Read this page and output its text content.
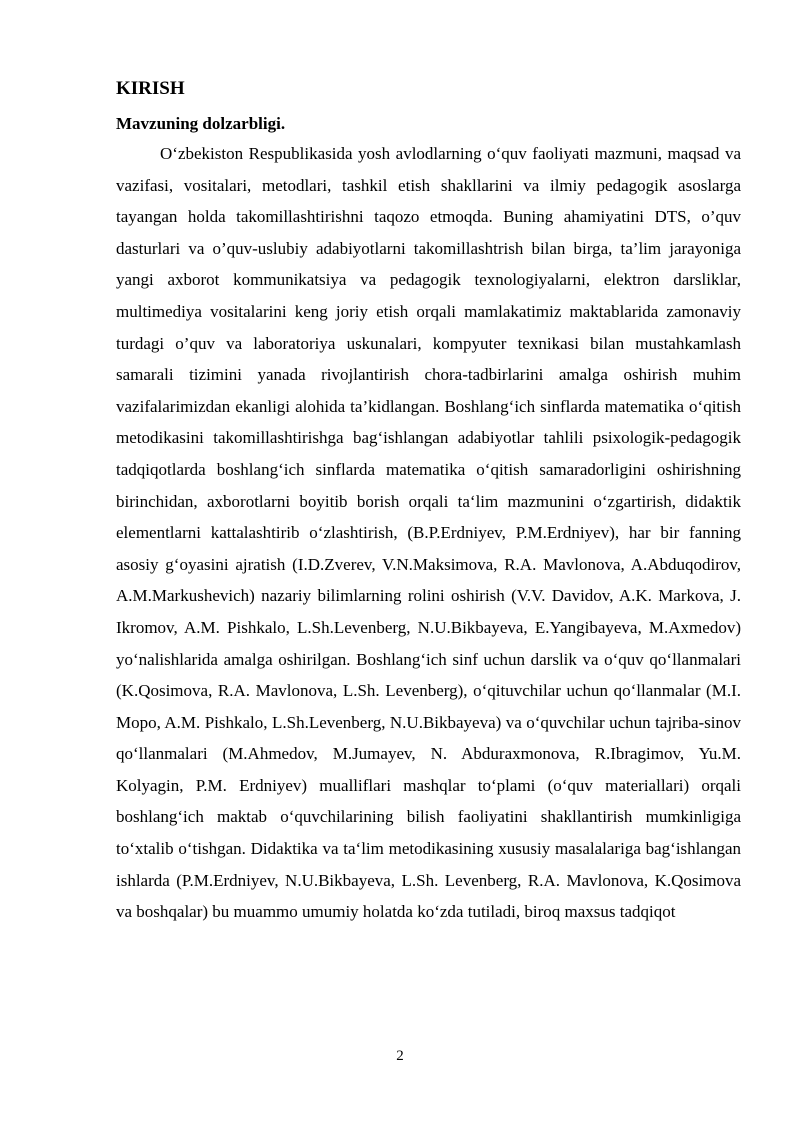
KIRISH
Mavzuning dolzarbligi.

O‘zbekiston Respublikasida yosh avlodlarning o‘quv faoliyati mazmuni, maqsad va vazifasi, vositalari, metodlari, tashkil etish shakllarini va ilmiy pedagogik asoslarga tayangan holda takomillashtirishni taqozo etmoqda. Buning ahamiyatini DTS, o’quv dasturlari va o’quv-uslubiy adabiyotlarni takomillashtrish bilan birga, ta’lim jarayoniga yangi axborot kommunikatsiya va pedagogik texnologiyalarni, elektron darsliklar, multimediya vositalarini keng joriy etish orqali mamlakatimiz maktablarida zamonaviy turdagi o’quv va laboratoriya uskunalari, kompyuter texnikasi bilan mustahkamlash samarali tizimini yanada rivojlantirish chora-tadbirlarini amalga oshirish muhim vazifalarimizdan ekanligi alohida ta’kidlangan. Boshlang‘ich sinflarda matematika o‘qitish metodikasini takomillashtirishga bag‘ishlangan adabiyotlar tahlili psixologik-pedagogik tadqiqotlarda boshlang‘ich sinflarda matematika o‘qitish samaradorligini oshirishning birinchidan, axborotlarni boyitib borish orqali ta‘lim mazmunini o‘zgartirish, didaktik elementlarni kattalashtirib o‘zlashtirish, (B.P.Erdniyev, P.M.Erdniyev), har bir fanning asosiy g‘oyasini ajratish (I.D.Zverev, V.N.Maksimova, R.A. Mavlonova, A.Abduqodirov, A.M.Markushevich) nazariy bilimlarning rolini oshirish (V.V. Davidov, A.K. Markova, J. Ikromov, A.M. Pishkalo, L.Sh.Levenberg, N.U.Bikbayeva, E.Yangibayeva, M.Axmedov) yo‘nalishlarida amalga oshirilgan. Boshlang‘ich sinf uchun darslik va o‘quv qo‘llanmalari (K.Qosimova, R.A. Mavlonova, L.Sh. Levenberg), o‘qituvchilar uchun qo‘llanmalar (M.I. Mopo, A.M. Pishkalo, L.Sh.Levenberg, N.U.Bikbayeva) va o‘quvchilar uchun tajriba-sinov qo‘llanmalari (M.Ahmedov, M.Jumayev, N. Abduraxmonova, R.Ibragimov, Yu.M. Kolyagin, P.M. Erdniyev) mualliflari mashqlar to‘plami (o‘quv materiallari) orqali boshlang‘ich maktab o‘quvchilarining bilish faoliyatini shakllantirish mumkinligiga to‘xtalib o‘tishgan. Didaktika va ta‘lim metodikasining xususiy masalalariga bag‘ishlangan ishlarda (P.M.Erdniyev, N.U.Bikbayeva, L.Sh. Levenberg, R.A. Mavlonova, K.Qosimova va boshqalar) bu muammo umumiy holatda ko‘zda tutiladi, biroq maxsus tadqiqot

2
